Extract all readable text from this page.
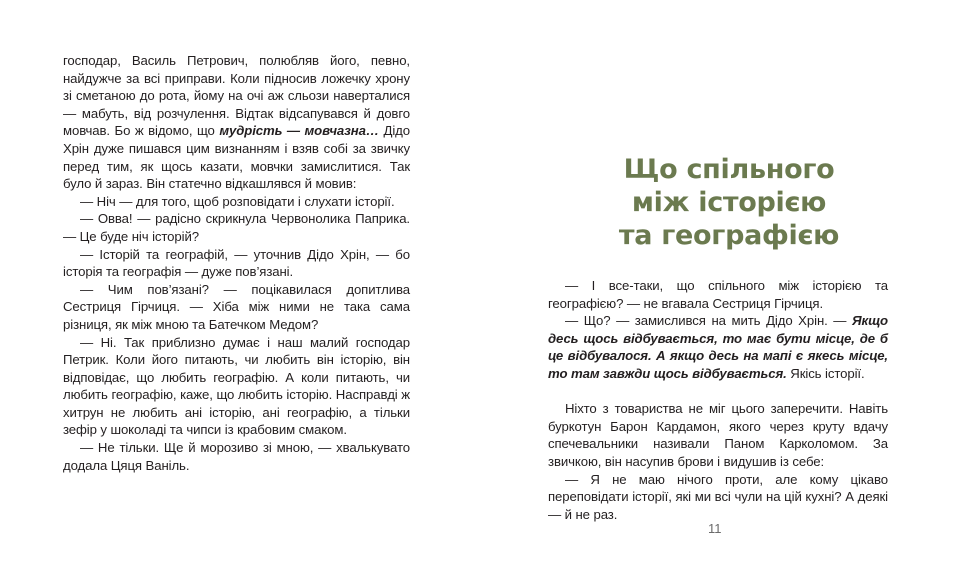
господар, Василь Петрович, полюбляв його, певно, найдужче за всі приправи. Коли підносив ложечку хрону зі сметаною до рота, йому на очі аж сльози наверталися — мабуть, від розчулення. Відтак відсапувався й довго мовчав. Бо ж відомо, що мудрість — мовчазна… Дідо Хрін дуже пишався цим визнанням і взяв собі за звичку перед тим, як щось казати, мовчки замислитися. Так було й зараз. Він статечно відкашлявся й мовив:

— Ніч — для того, щоб розповідати і слухати історії.

— Овва! — радісно скрикнула Червонолика Паприка. — Це буде ніч історій?

— Історій та географій, — уточнив Дідо Хрін, — бо історія та географія — дуже пов’язані.

— Чим пов’язані? — поцікавилася допитлива Сестриця Гірчиця. — Хіба між ними не така сама різниця, як між мною та Батечком Медом?

— Ні. Так приблизно думає і наш малий господар Петрик. Коли його питають, чи любить він історію, він відповідає, що любить географію. А коли питають, чи любить географію, каже, що любить історію. Насправді ж хитрун не любить ані історію, ані географію, а тільки зефір у шоколаді та чипси із крабовим смаком.

— Не тільки. Ще й морозиво зі мною, — хвалькувато додала Цяця Ваніль.

Що спільного
між історією
та географією

— І все-таки, що спільного між історією та географією? — не вгавала Сестриця Гірчиця.

— Що? — замислився на мить Дідо Хрін. — Якщо десь щось відбувається, то має бути місце, де б це відбувалося. А якщо десь на мапі є якесь місце, то там завжди щось відбувається. Якісь історії.

Ніхто з товариства не міг цього заперечити. Навіть буркотун Барон Кардамон, якого через круту вдачу спечевальники називали Паном Карколомом. За звичкою, він насупив брови і видушив із себе:

— Я не маю нічого проти, але кому цікаво переповідати історії, які ми всі чули на цій кухні? А деякі — й не раз.

11
